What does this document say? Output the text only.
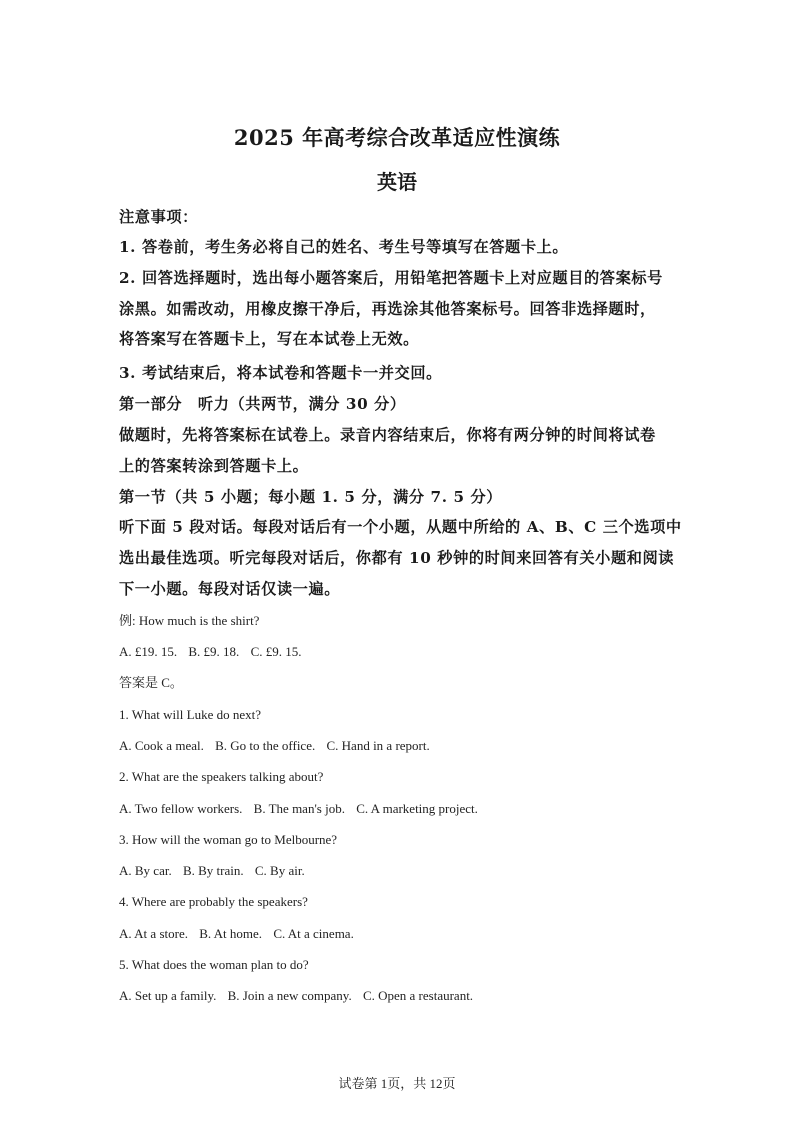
2025 年高考综合改革适应性演练
英语
注意事项：
1. 答卷前，考生务必将自己的姓名、考生号等填写在答题卡上。
2. 回答选择题时，选出每小题答案后，用铅笔把答题卡上对应题目的答案标号
涂黑。如需改动，用橡皮擦干净后，再选涂其他答案标号。回答非选择题时，
将答案写在答题卡上，写在本试卷上无效。
3. 考试结束后，将本试卷和答题卡一并交回。
第一部分　听力（共两节，满分 30 分）
做题时，先将答案标在试卷上。录音内容结束后，你将有两分钟的时间将试卷
上的答案转涂到答题卡上。
第一节（共 5 小题；每小题 1. 5 分，满分 7. 5 分）
听下面 5 段对话。每段对话后有一个小题，从题中所给的 A、B、C 三个选项中
选出最佳选项。听完每段对话后，你都有 10 秒钟的时间来回答有关小题和阅读
下一小题。每段对话仅读一遍。
例: How much is the shirt?
A. £19. 15. B. £9. 18. C. £9. 15.
答案是 C。
1. What will Luke do next?
A. Cook a meal. B. Go to the office. C. Hand in a report.
2. What are the speakers talking about?
A. Two fellow workers. B. The man's job. C. A marketing project.
3. How will the woman go to Melbourne?
A. By car. B. By train. C. By air.
4. Where are probably the speakers?
A. At a store. B. At home. C. At a cinema.
5. What does the woman plan to do?
A. Set up a family. B. Join a new company. C. Open a restaurant.
试卷第 1页，共 12页
